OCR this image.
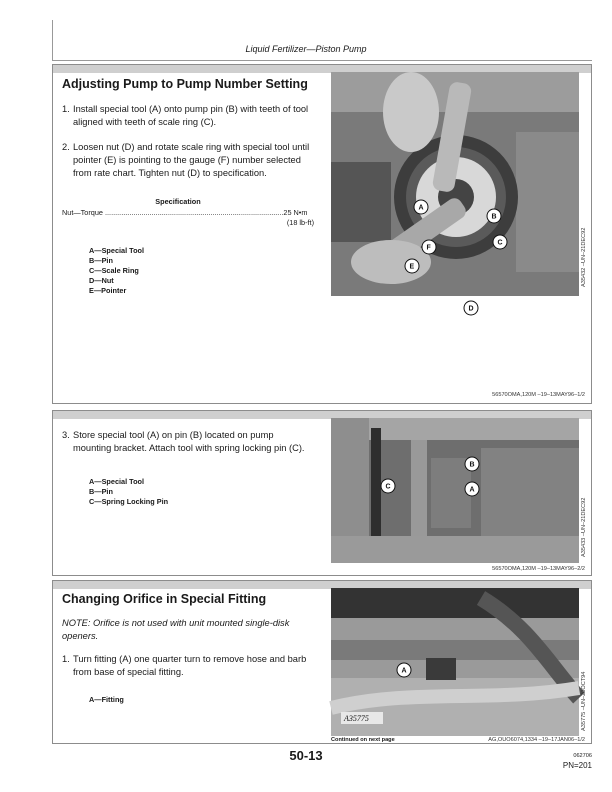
Liquid Fertilizer—Piston Pump
Adjusting Pump to Pump Number Setting
1. Install special tool (A) onto pump pin (B) with teeth of tool aligned with teeth of scale ring (C).
2. Loosen nut (D) and rotate scale ring with special tool until pointer (E) is pointing to the gauge (F) number selected from rate chart. Tighten nut (D) to specification.
Specification
Nut—Torque ........................................................................................25 N•m
(18 lb-ft)
A—Special Tool
B—Pin
C—Scale Ring
D—Nut
E—Pointer
A
B
C
D
E
F	A35432 –UN–21DEC92
56570OMA,120M –19–13MAY96–1/2
3. Store special tool (A) on pin (B) located on pump mounting bracket. Attach tool with spring locking pin (C).
A—Special Tool
B—Pin
C—Spring Locking Pin
A
B
C
A35433 –UN–21DEC92
56570OMA,120M –19–13MAY96–2/2
Changing Orifice in Special Fitting
NOTE: Orifice is not used with unit mounted single-disk openers.
1. Turn fitting (A) one quarter turn to remove hose and barb from base of special fitting.
A—Fitting
A35775
A
A35775 –UN–20OCT94
Continued on next page	AG,OUO6074,1334 –19–17JAN06–1/2
50-13	062706
PN=201
